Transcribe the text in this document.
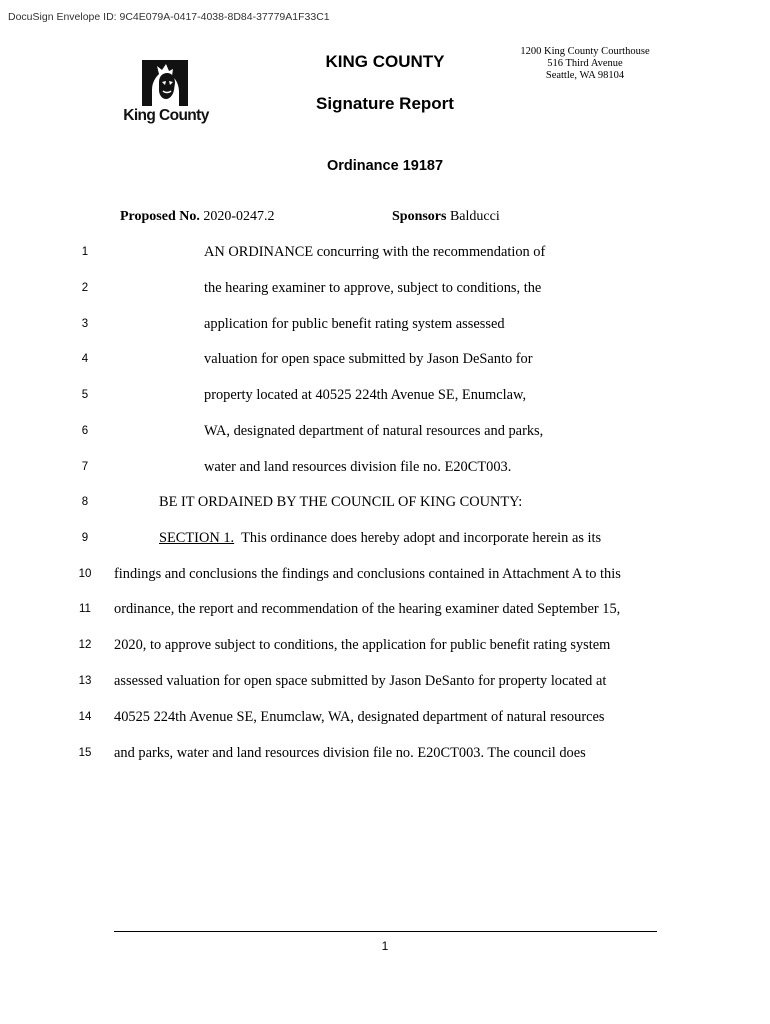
DocuSign Envelope ID: 9C4E079A-0417-4038-8D84-37779A1F33C1
King County
KING COUNTY
Signature Report
1200 King County Courthouse
516 Third Avenue
Seattle, WA 98104
Ordinance 19187
Proposed No. 2020-0247.2	Sponsors Balducci
1	AN ORDINANCE concurring with the recommendation of
2	the hearing examiner to approve, subject to conditions, the
3	application for public benefit rating system assessed
4	valuation for open space submitted by Jason DeSanto for
5	property located at 40525 224th Avenue SE, Enumclaw,
6	WA, designated department of natural resources and parks,
7	water and land resources division file no. E20CT003.
8	BE IT ORDAINED BY THE COUNCIL OF KING COUNTY:
9	SECTION 1.  This ordinance does hereby adopt and incorporate herein as its
10	findings and conclusions the findings and conclusions contained in Attachment A to this
11	ordinance, the report and recommendation of the hearing examiner dated September 15,
12	2020, to approve subject to conditions, the application for public benefit rating system
13	assessed valuation for open space submitted by Jason DeSanto for property located at
14	40525 224th Avenue SE, Enumclaw, WA, designated department of natural resources
15	and parks, water and land resources division file no. E20CT003. The council does
1
